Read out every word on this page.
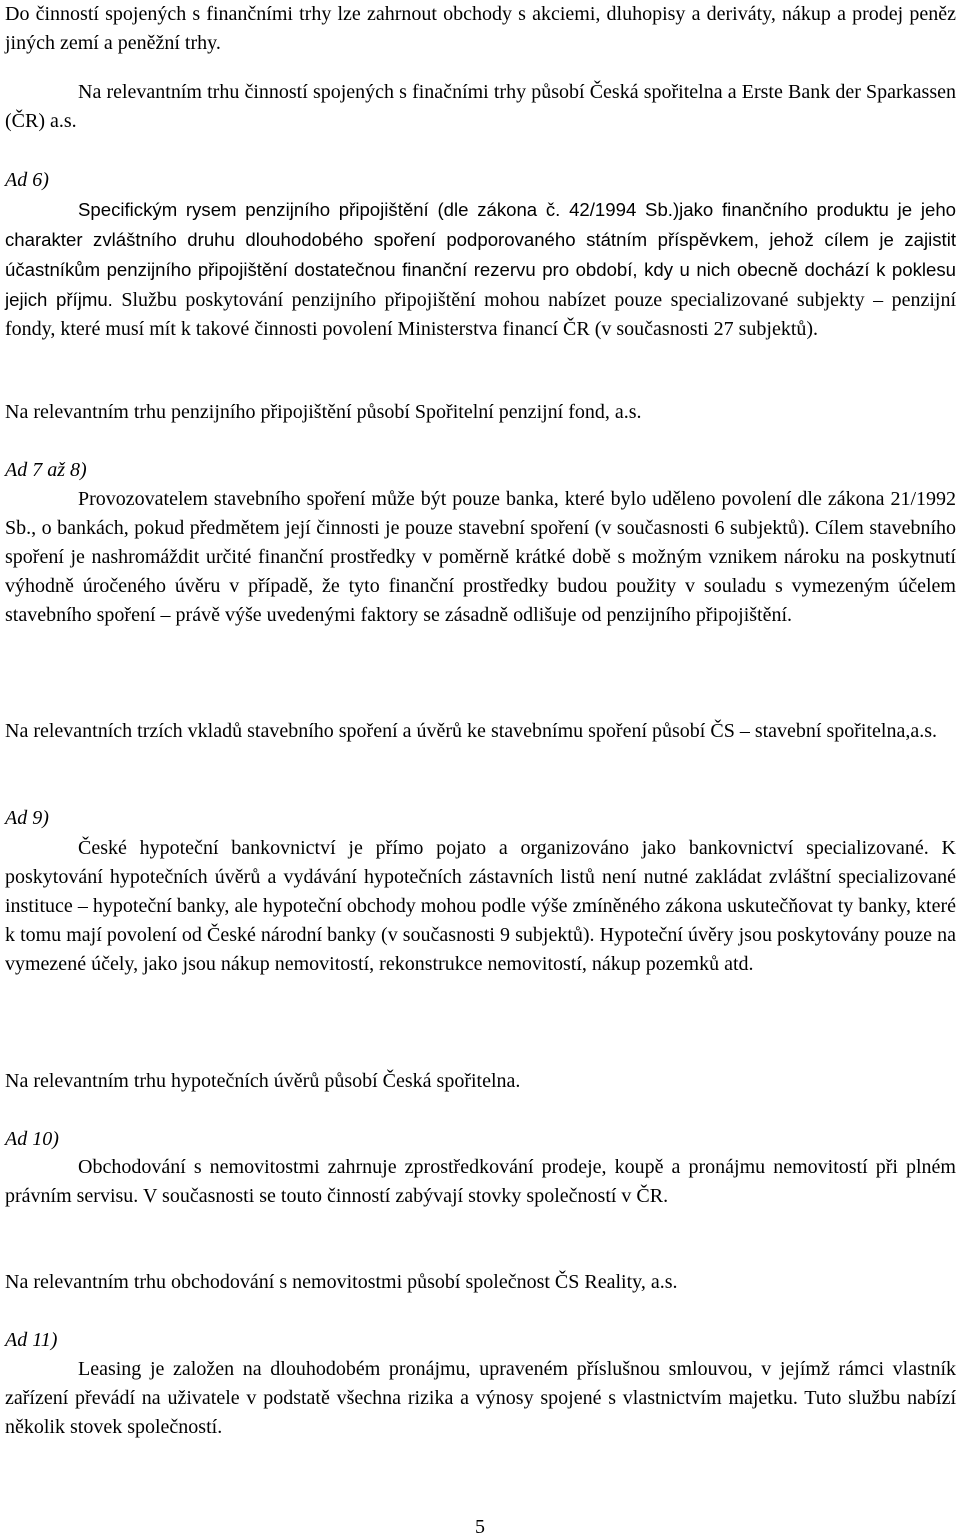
Do činností spojených s finančními trhy lze zahrnout obchody s akciemi, dluhopisy a deriváty, nákup a prodej peněz jiných zemí a peněžní trhy.

Na relevantním trhu činností spojených s finačními trhy působí Česká spořitelna a Erste Bank der Sparkassen (ČR) a.s.

Ad 6)

Specifickým rysem penzijního připojištění (dle zákona č. 42/1994 Sb.)jako finančního produktu je jeho charakter zvláštního druhu dlouhodobého spoření podporovaného státním příspěvkem, jehož cílem je zajistit účastníkům penzijního připojištění dostatečnou finanční rezervu pro období, kdy u nich obecně dochází k poklesu jejich příjmu. Službu poskytování penzijního připojištění mohou nabízet pouze specializované subjekty – penzijní fondy, které musí mít k takové činnosti povolení Ministerstva financí ČR (v současnosti 27 subjektů).

Na relevantním trhu penzijního připojištění působí Spořitelní penzijní fond, a.s.

Ad 7 až 8)

Provozovatelem stavebního spoření může být pouze banka, které bylo uděleno povolení dle zákona 21/1992 Sb., o bankách, pokud předmětem její činnosti je pouze stavební spoření (v současnosti 6 subjektů). Cílem stavebního spoření je nashromáždit určité finanční prostředky v poměrně krátké době s možným vznikem nároku na poskytnutí výhodně úročeného úvěru v případě, že tyto finanční prostředky budou použity v souladu s vymezeným účelem stavebního spoření – právě výše uvedenými faktory se zásadně odlišuje od penzijního připojištění.

Na relevantních trzích vkladů stavebního spoření a úvěrů ke stavebnímu spoření působí ČS – stavební spořitelna,a.s.

Ad 9)

České hypoteční bankovnictví je přímo pojato a organizováno jako bankovnictví specializované. K poskytování hypotečních úvěrů a vydávání hypotečních zástavních listů není nutné zakládat zvláštní specializované instituce – hypoteční banky, ale hypoteční obchody mohou podle výše zmíněného zákona uskutečňovat ty banky, které k tomu mají povolení od České národní banky (v současnosti 9 subjektů). Hypoteční úvěry jsou poskytovány pouze na vymezené účely, jako jsou nákup nemovitostí, rekonstrukce nemovitostí, nákup pozemků atd.

Na relevantním trhu hypotečních úvěrů působí Česká spořitelna.

Ad 10)

Obchodování s nemovitostmi zahrnuje zprostředkování prodeje, koupě a pronájmu nemovitostí při plném právním servisu. V současnosti se touto činností zabývají stovky společností v ČR.

Na relevantním trhu obchodování s nemovitostmi působí společnost ČS Reality, a.s.

Ad 11)

Leasing je založen na dlouhodobém pronájmu, upraveném příslušnou smlouvou, v jejímž rámci vlastník zařízení převádí na uživatele v podstatě všechna rizika a výnosy spojené s vlastnictvím majetku. Tuto službu nabízí několik stovek společností.

5
